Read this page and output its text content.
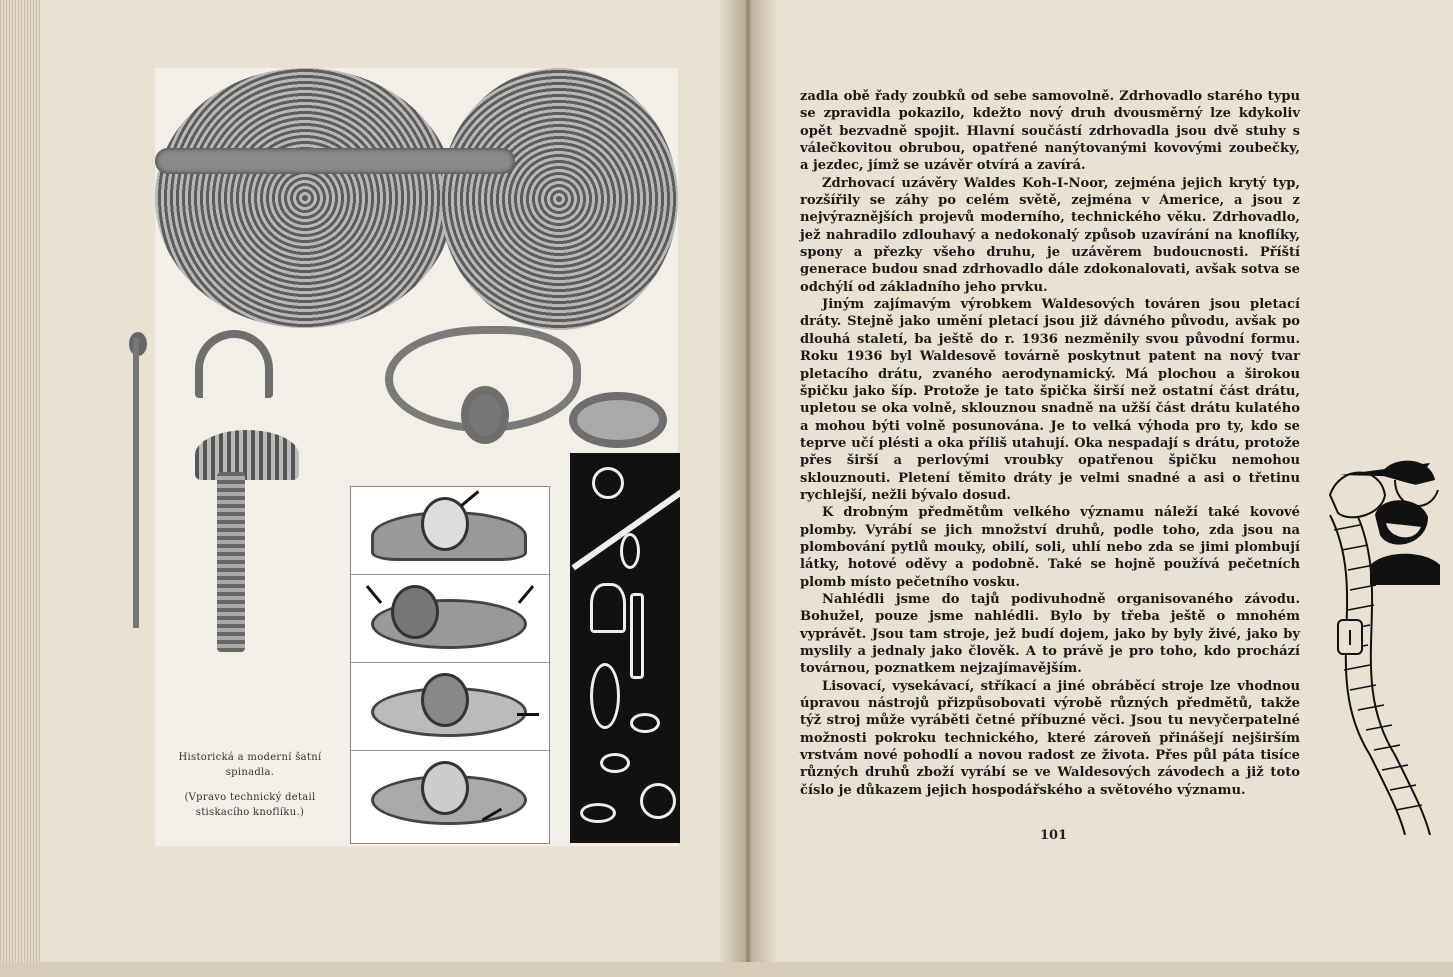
Historická a moderní šatní
spinadla.

(Vpravo technický detail
stiskacího knoflíku.)

zadla obě řady zoubků od sebe samovolně. Zdrhovadlo starého typu se zpravidla pokazilo, kdežto nový druh dvousměrný lze kdykoliv opět bezvadně spojit. Hlavní součástí zdrhovadla jsou dvě stuhy s válečkovitou obrubou, opatřené nanýtovanými kovovými zoubečky, a jezdec, jímž se uzávěr otvírá a zavírá.

Zdrhovací uzávěry Waldes Koh-I-Noor, zejména jejich krytý typ, rozšířily se záhy po celém světě, zejména v Americe, a jsou z nejvýraznějších projevů moderního, technického věku. Zdrhovadlo, jež nahradilo zdlouhavý a nedokonalý způsob uzavírání na knoflíky, spony a přezky všeho druhu, je uzávěrem budoucnosti. Příští generace budou snad zdrhovadlo dále zdokonalovati, avšak sotva se odchýlí od základního jeho prvku.

Jiným zajímavým výrobkem Waldesových továren jsou pletací dráty. Stejně jako umění pletací jsou již dávného původu, avšak po dlouhá staletí, ba ještě do r. 1936 nezměnily svou původní formu. Roku 1936 byl Waldesově továrně poskytnut patent na nový tvar pletacího drátu, zvaného aerodynamický. Má plochou a širokou špičku jako šíp. Protože je tato špička širší než ostatní část drátu, upletou se oka volně, sklouznou snadně na užší část drátu kulatého a mohou býti volně posunována. Je to velká výhoda pro ty, kdo se teprve učí plésti a oka příliš utahují. Oka nespadají s drátu, protože přes širší a perlovými vroubky opatřenou špičku nemohou sklouznouti. Pletení těmito dráty je velmi snadné a asi o třetinu rychlejší, nežli bývalo dosud.

K drobným předmětům velkého významu náleží také kovové plomby. Vyrábí se jich množství druhů, podle toho, zda jsou na plombování pytlů mouky, obilí, soli, uhlí nebo zda se jimi plombují látky, hotové oděvy a podobně. Také se hojně používá pečetních plomb místo pečetního vosku.

Nahlédli jsme do tajů podivuhodně organisovaného závodu. Bohužel, pouze jsme nahlédli. Bylo by třeba ještě o mnohém vyprávět. Jsou tam stroje, jež budí dojem, jako by byly živé, jako by myslily a jednaly jako člověk. A to právě je pro toho, kdo prochází továrnou, poznatkem nejzajímavějším.

Lisovací, vysekávací, stříkací a jiné obráběcí stroje lze vhodnou úpravou nástrojů přizpůsobovati výrobě různých předmětů, takže týž stroj může vyráběti četné příbuzné věci. Jsou tu nevyčerpatelné možnosti pokroku technického, které zároveň přinášejí nejširším vrstvám nové pohodlí a novou radost ze života. Přes půl páta tisíce různých druhů zboží vyrábí se ve Waldesových závodech a již toto číslo je důkazem jejich hospodářského a světového významu.

101
